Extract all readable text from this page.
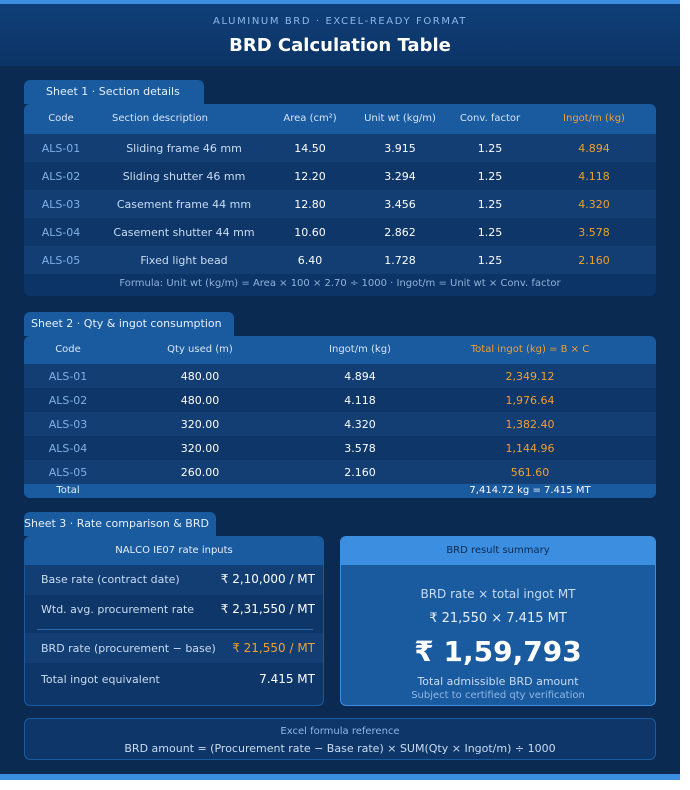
ALUMINUM BRD · EXCEL-READY FORMAT
BRD Calculation Table
Sheet 1 · Section details
Code	Section description	Area (cm²)	Unit wt (kg/m)	Conv. factor	Ingot/m (kg)
ALS-01	Sliding frame 46 mm	14.50	3.915	1.25	4.894
ALS-02	Sliding shutter 46 mm	12.20	3.294	1.25	4.118
ALS-03	Casement frame 44 mm	12.80	3.456	1.25	4.320
ALS-04	Casement shutter 44 mm	10.60	2.862	1.25	3.578
ALS-05	Fixed light bead	6.40	1.728	1.25	2.160
Formula: Unit wt (kg/m) = Area × 100 × 2.70 ÷ 1000 · Ingot/m = Unit wt × Conv. factor
Sheet 2 · Qty & ingot consumption
Code	Qty used (m)	Ingot/m (kg)	Total ingot (kg) = B × C
ALS-01	480.00	4.894	2,349.12
ALS-02	480.00	4.118	1,976.64
ALS-03	320.00	4.320	1,382.40
ALS-04	320.00	3.578	1,144.96
ALS-05	260.00	2.160	561.60
Total	7,414.72 kg = 7.415 MT
Sheet 3 · Rate comparison & BRD
NALCO IE07 rate inputs
Base rate (contract date)	₹ 2,10,000 / MT
Wtd. avg. procurement rate ₹ 2,31,550 / MT
BRD rate (procurement − base) ₹ 21,550 / MT
Total ingot equivalent	7.415 MT
BRD result summary
BRD rate × total ingot MT
₹ 21,550 × 7.415 MT
₹ 1,59,793
Total admissible BRD amount
Subject to certified qty verification
Excel formula reference
BRD amount = (Procurement rate − Base rate) × SUM(Qty × Ingot/m) ÷ 1000
